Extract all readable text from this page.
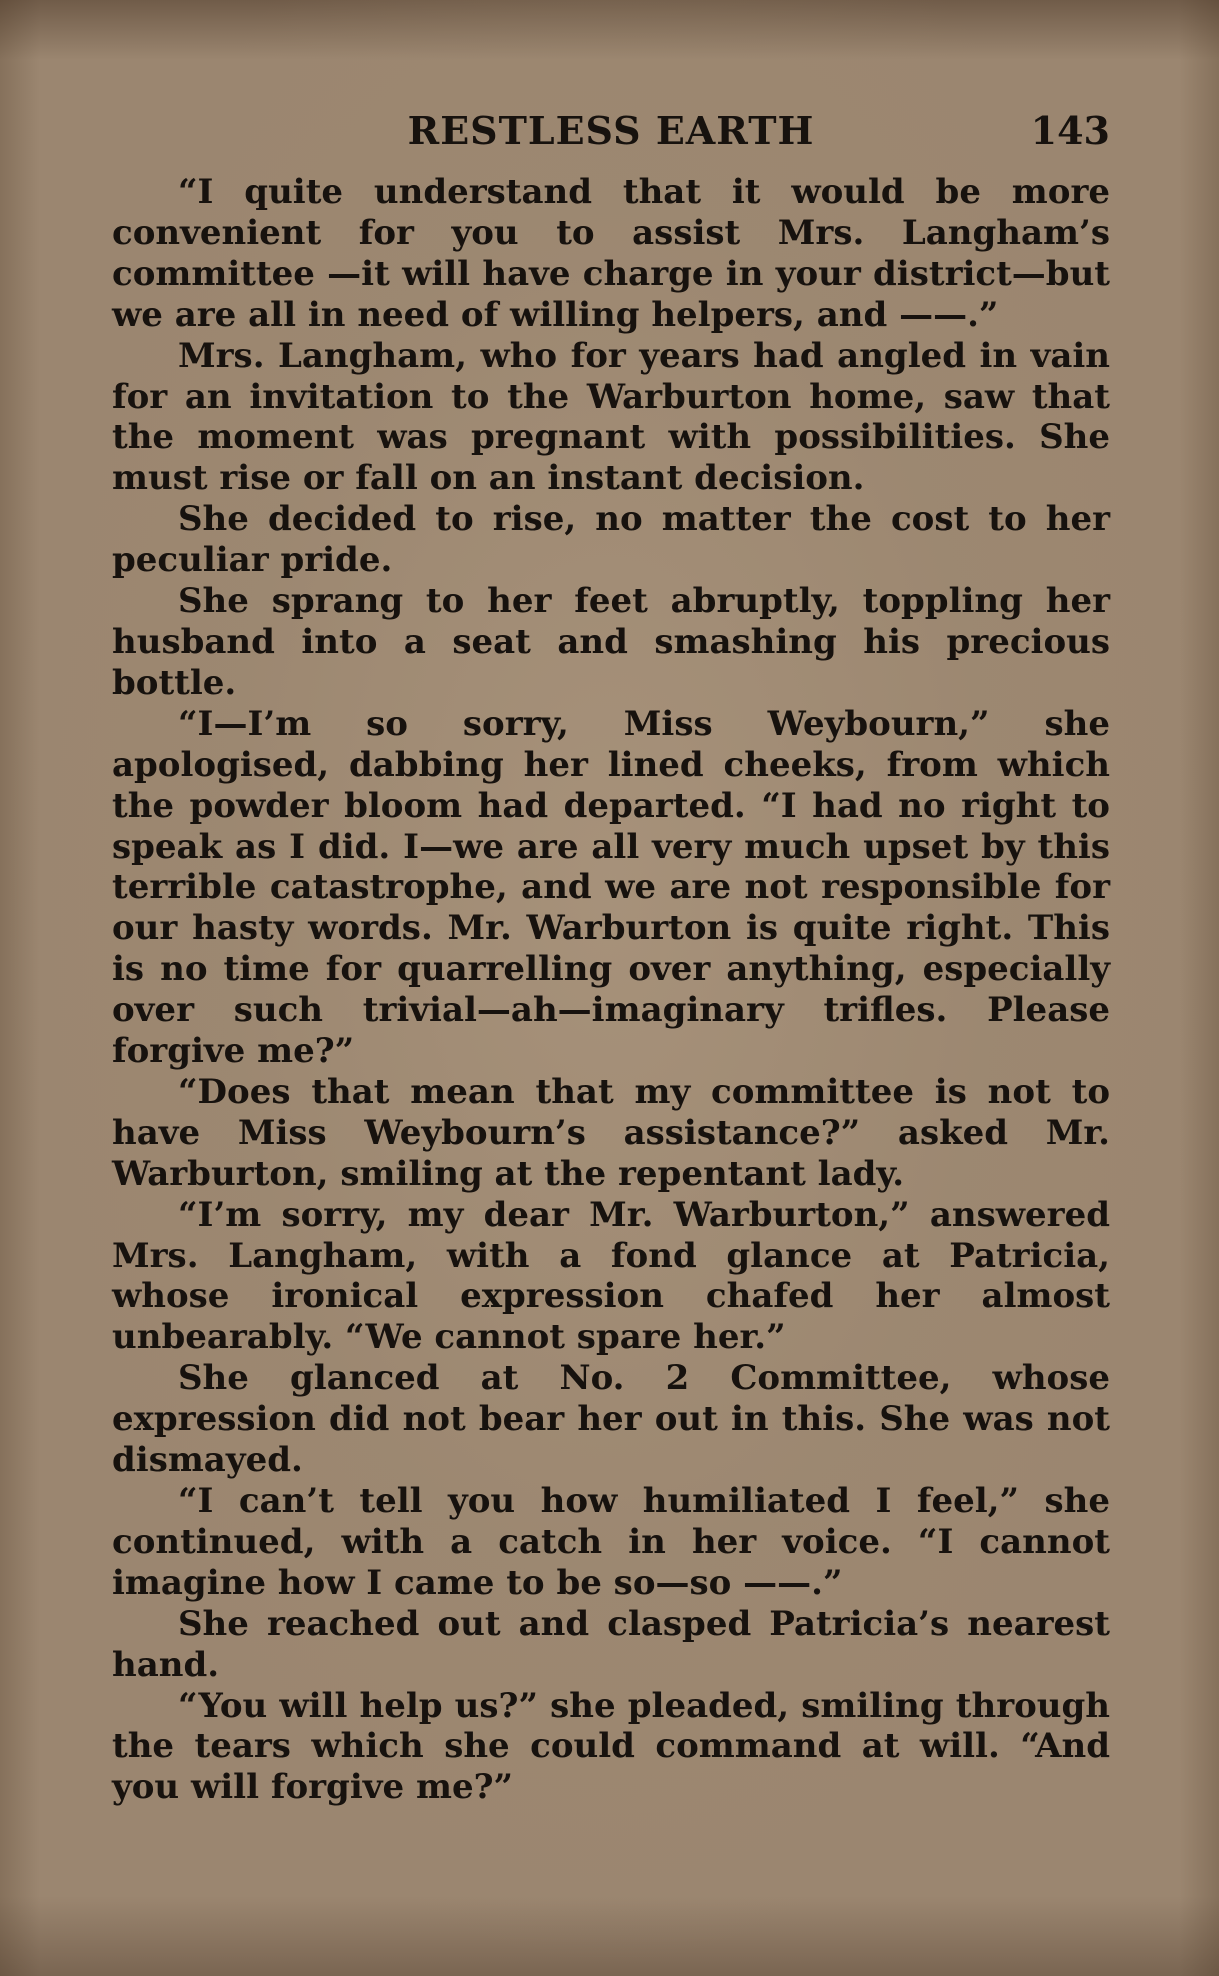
RESTLESS EARTH	143

“I quite understand that it would be more convenient for you to assist Mrs. Langham’s committee —it will have charge in your district—but we are all in need of willing helpers, and ——.”

Mrs. Langham, who for years had angled in vain for an invitation to the Warburton home, saw that the moment was pregnant with possibilities. She must rise or fall on an instant decision.

She decided to rise, no matter the cost to her peculiar pride.

She sprang to her feet abruptly, toppling her husband into a seat and smashing his precious bottle.

“I—I’m so sorry, Miss Weybourn,” she apologised, dabbing her lined cheeks, from which the powder bloom had departed. “I had no right to speak as I did. I—we are all very much upset by this terrible catastrophe, and we are not responsible for our hasty words. Mr. Warburton is quite right. This is no time for quarrelling over anything, especially over such trivial—ah—imaginary trifles. Please forgive me?”

“Does that mean that my committee is not to have Miss Weybourn’s assistance?” asked Mr. Warburton, smiling at the repentant lady.

“I’m sorry, my dear Mr. Warburton,” answered Mrs. Langham, with a fond glance at Patricia, whose ironical expression chafed her almost unbearably. “We cannot spare her.”

She glanced at No. 2 Committee, whose expression did not bear her out in this. She was not dismayed.

“I can’t tell you how humiliated I feel,” she continued, with a catch in her voice. “I cannot imagine how I came to be so—so ——.”

She reached out and clasped Patricia’s nearest hand.

“You will help us?” she pleaded, smiling through the tears which she could command at will. “And you will forgive me?”
